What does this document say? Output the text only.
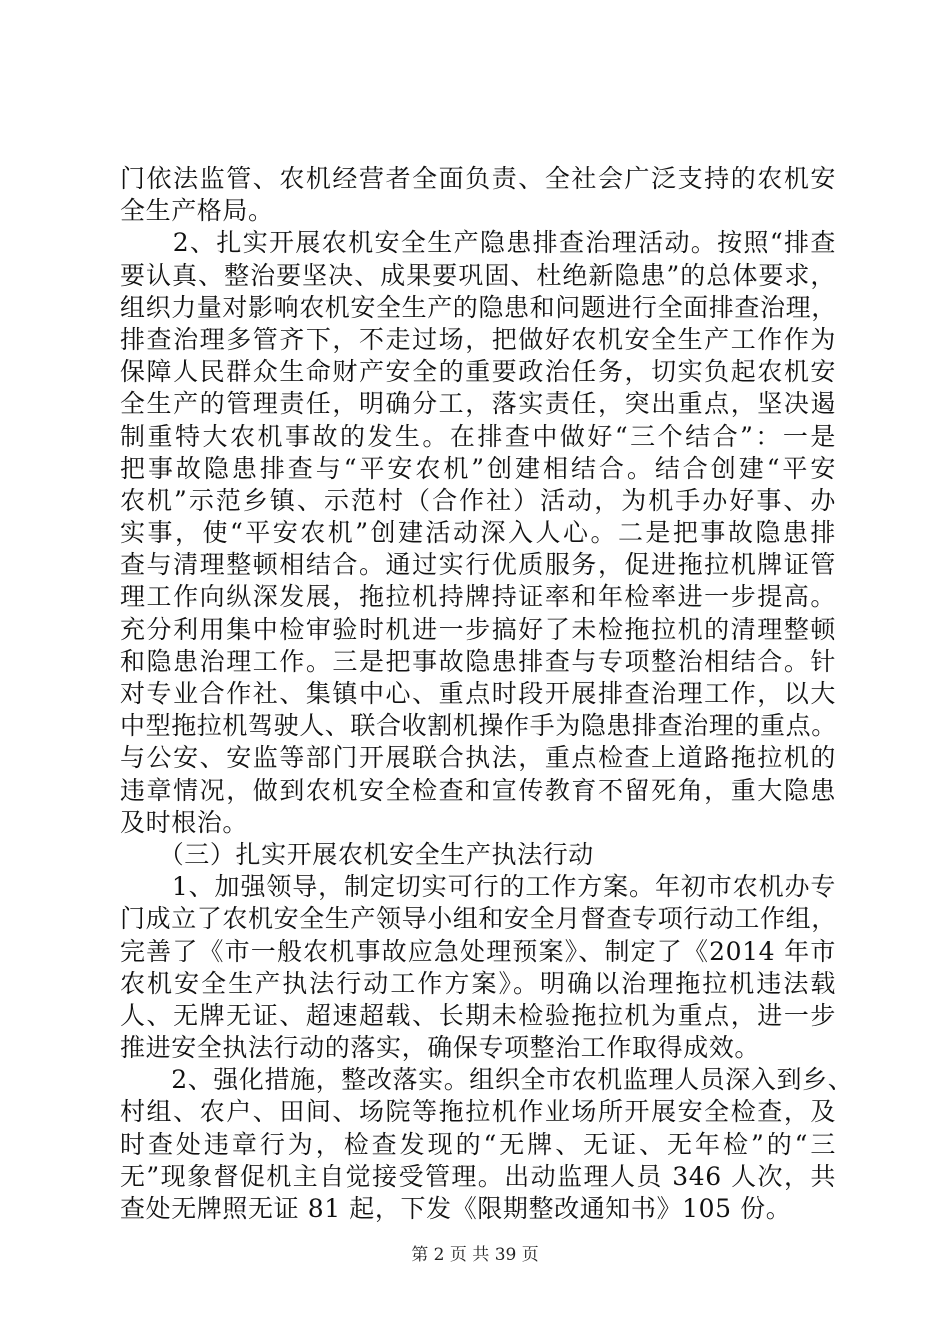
门依法监管、农机经营者全面负责、全社会广泛支持的农机安
全生产格局。
　　2、扎实开展农机安全生产隐患排查治理活动。按照“排查
要认真、整治要坚决、成果要巩固、杜绝新隐患”的总体要求，
组织力量对影响农机安全生产的隐患和问题进行全面排查治理，
排查治理多管齐下，不走过场，把做好农机安全生产工作作为
保障人民群众生命财产安全的重要政治任务，切实负起农机安
全生产的管理责任，明确分工，落实责任，突出重点，坚决遏
制重特大农机事故的发生。在排查中做好“三个结合”：一是
把事故隐患排查与“平安农机”创建相结合。结合创建“平安
农机”示范乡镇、示范村（合作社）活动，为机手办好事、办
实事，使“平安农机”创建活动深入人心。二是把事故隐患排
查与清理整顿相结合。通过实行优质服务，促进拖拉机牌证管
理工作向纵深发展，拖拉机持牌持证率和年检率进一步提高。
充分利用集中检审验时机进一步搞好了未检拖拉机的清理整顿
和隐患治理工作。三是把事故隐患排查与专项整治相结合。针
对专业合作社、集镇中心、重点时段开展排查治理工作，以大
中型拖拉机驾驶人、联合收割机操作手为隐患排查治理的重点。
与公安、安监等部门开展联合执法，重点检查上道路拖拉机的
违章情况，做到农机安全检查和宣传教育不留死角，重大隐患
及时根治。
　　（三）扎实开展农机安全生产执法行动
　　1、加强领导，制定切实可行的工作方案。年初市农机办专
门成立了农机安全生产领导小组和安全月督查专项行动工作组，
完善了《市一般农机事故应急处理预案》、制定了《2014 年市
农机安全生产执法行动工作方案》。明确以治理拖拉机违法载
人、无牌无证、超速超载、长期未检验拖拉机为重点，进一步
推进安全执法行动的落实，确保专项整治工作取得成效。
　　2、强化措施，整改落实。组织全市农机监理人员深入到乡、
村组、农户、田间、场院等拖拉机作业场所开展安全检查，及
时查处违章行为，检查发现的“无牌、无证、无年检”的“三
无”现象督促机主自觉接受管理。出动监理人员 346 人次，共
查处无牌照无证 81 起，下发《限期整改通知书》105 份。
第 2 页 共 39 页
